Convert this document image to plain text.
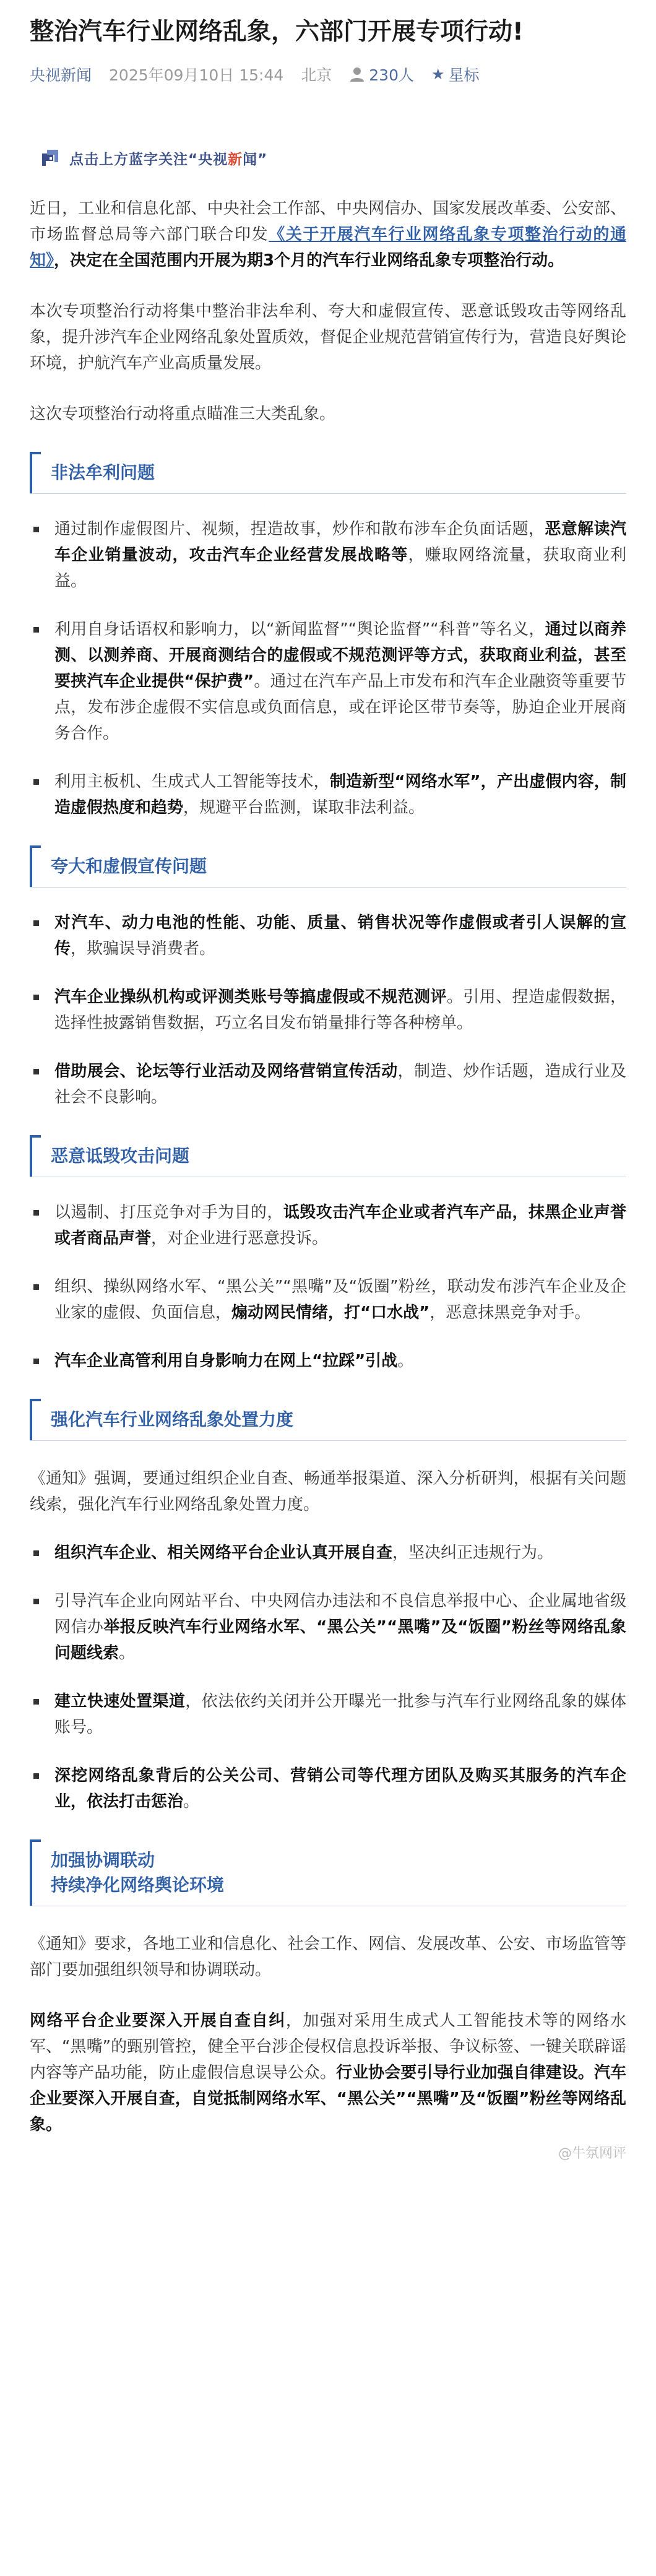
整治汽车行业网络乱象，六部门开展专项行动!
央视新闻 2025年09月10日 15:44 北京 230人 ★ 星标
点击上方蓝字关注“央视新闻”

近日，工业和信息化部、中央社会工作部、中央网信办、国家发展改革委、公安部、市场监督总局等六部门联合印发《关于开展汽车行业网络乱象专项整治行动的通知》，决定在全国范围内开展为期3个月的汽车行业网络乱象专项整治行动。

本次专项整治行动将集中整治非法牟利、夸大和虚假宣传、恶意诋毁攻击等网络乱象，提升涉汽车企业网络乱象处置质效，督促企业规范营销宣传行为，营造良好舆论环境，护航汽车产业高质量发展。

这次专项整治行动将重点瞄准三大类乱象。

非法牟利问题
通过制作虚假图片、视频，捏造故事，炒作和散布涉车企负面话题，恶意解读汽车企业销量波动，攻击汽车企业经营发展战略等，赚取网络流量，获取商业利益。
利用自身话语权和影响力，以“新闻监督”“舆论监督”“科普”等名义，通过以商养测、以测养商、开展商测结合的虚假或不规范测评等方式，获取商业利益，甚至要挟汽车企业提供“保护费”。通过在汽车产品上市发布和汽车企业融资等重要节点，发布涉企虚假不实信息或负面信息，或在评论区带节奏等，胁迫企业开展商务合作。
利用主板机、生成式人工智能等技术，制造新型“网络水军”，产出虚假内容，制造虚假热度和趋势，规避平台监测，谋取非法利益。
夸大和虚假宣传问题
对汽车、动力电池的性能、功能、质量、销售状况等作虚假或者引人误解的宣传，欺骗误导消费者。
汽车企业操纵机构或评测类账号等搞虚假或不规范测评。引用、捏造虚假数据，选择性披露销售数据，巧立名目发布销量排行等各种榜单。
借助展会、论坛等行业活动及网络营销宣传活动，制造、炒作话题，造成行业及社会不良影响。
恶意诋毁攻击问题
以遏制、打压竞争对手为目的，诋毁攻击汽车企业或者汽车产品，抹黑企业声誉或者商品声誉，对企业进行恶意投诉。
组织、操纵网络水军、“黑公关”“黑嘴”及“饭圈”粉丝，联动发布涉汽车企业及企业家的虚假、负面信息，煽动网民情绪，打“口水战”，恶意抹黑竞争对手。
汽车企业高管利用自身影响力在网上“拉踩”引战。
强化汽车行业网络乱象处置力度

《通知》强调，要通过组织企业自查、畅通举报渠道、深入分析研判，根据有关问题线索，强化汽车行业网络乱象处置力度。

组织汽车企业、相关网络平台企业认真开展自查，坚决纠正违规行为。
引导汽车企业向网站平台、中央网信办违法和不良信息举报中心、企业属地省级网信办举报反映汽车行业网络水军、“黑公关”“黑嘴”及“饭圈”粉丝等网络乱象问题线索。
建立快速处置渠道，依法依约关闭并公开曝光一批参与汽车行业网络乱象的媒体账号。
深挖网络乱象背后的公关公司、营销公司等代理方团队及购买其服务的汽车企业，依法打击惩治。
加强协调联动
持续净化网络舆论环境

《通知》要求，各地工业和信息化、社会工作、网信、发展改革、公安、市场监管等部门要加强组织领导和协调联动。

网络平台企业要深入开展自查自纠，加强对采用生成式人工智能技术等的网络水军、“黑嘴”的甄别管控，健全平台涉企侵权信息投诉举报、争议标签、一键关联辟谣内容等产品功能，防止虚假信息误导公众。行业协会要引导行业加强自律建设。汽车企业要深入开展自查，自觉抵制网络水军、“黑公关”“黑嘴”及“饭圈”粉丝等网络乱象。

@牛氛网评
